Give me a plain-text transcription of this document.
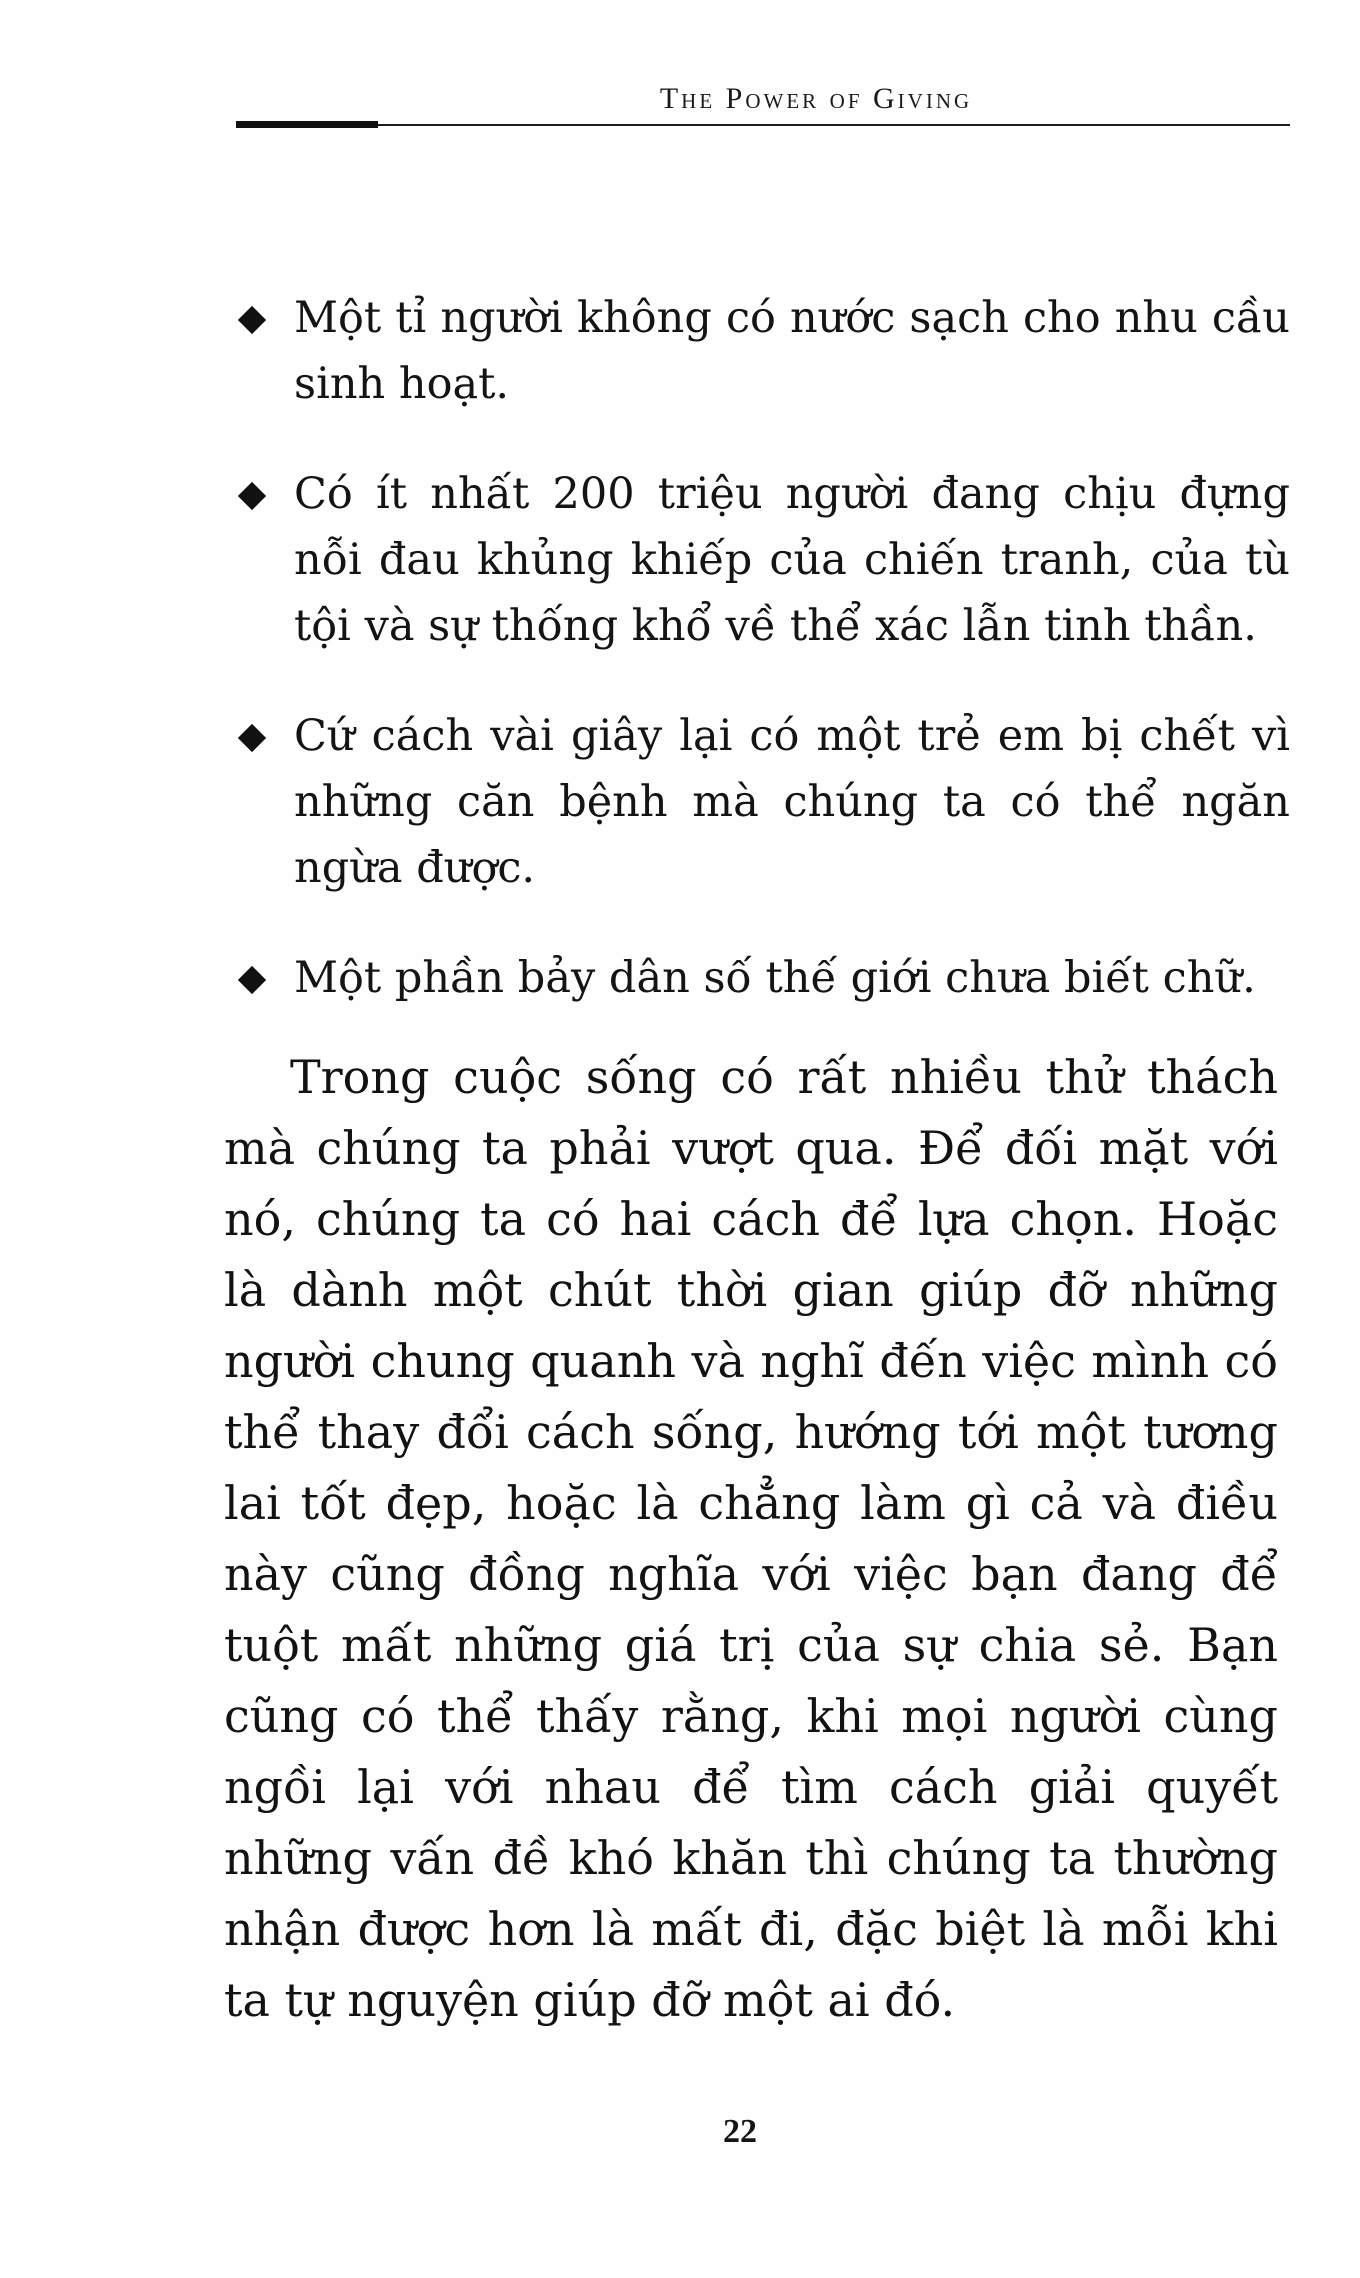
The Power of Giving
Một tỉ người không có nước sạch cho nhu cầu sinh hoạt.
Có ít nhất 200 triệu người đang chịu đựng nỗi đau khủng khiếp của chiến tranh, của tù tội và sự thống khổ về thể xác lẫn tinh thần.
Cứ cách vài giây lại có một trẻ em bị chết vì những căn bệnh mà chúng ta có thể ngăn ngừa được.
Một phần bảy dân số thế giới chưa biết chữ.

Trong cuộc sống có rất nhiều thử thách mà chúng ta phải vượt qua. Để đối mặt với nó, chúng ta có hai cách để lựa chọn. Hoặc là dành một chút thời gian giúp đỡ những người chung quanh và nghĩ đến việc mình có thể thay đổi cách sống, hướng tới một tương lai tốt đẹp, hoặc là chẳng làm gì cả và điều này cũng đồng nghĩa với việc bạn đang để tuột mất những giá trị của sự chia sẻ. Bạn cũng có thể thấy rằng, khi mọi người cùng ngồi lại với nhau để tìm cách giải quyết những vấn đề khó khăn thì chúng ta thường nhận được hơn là mất đi, đặc biệt là mỗi khi ta tự nguyện giúp đỡ một ai đó.

22
